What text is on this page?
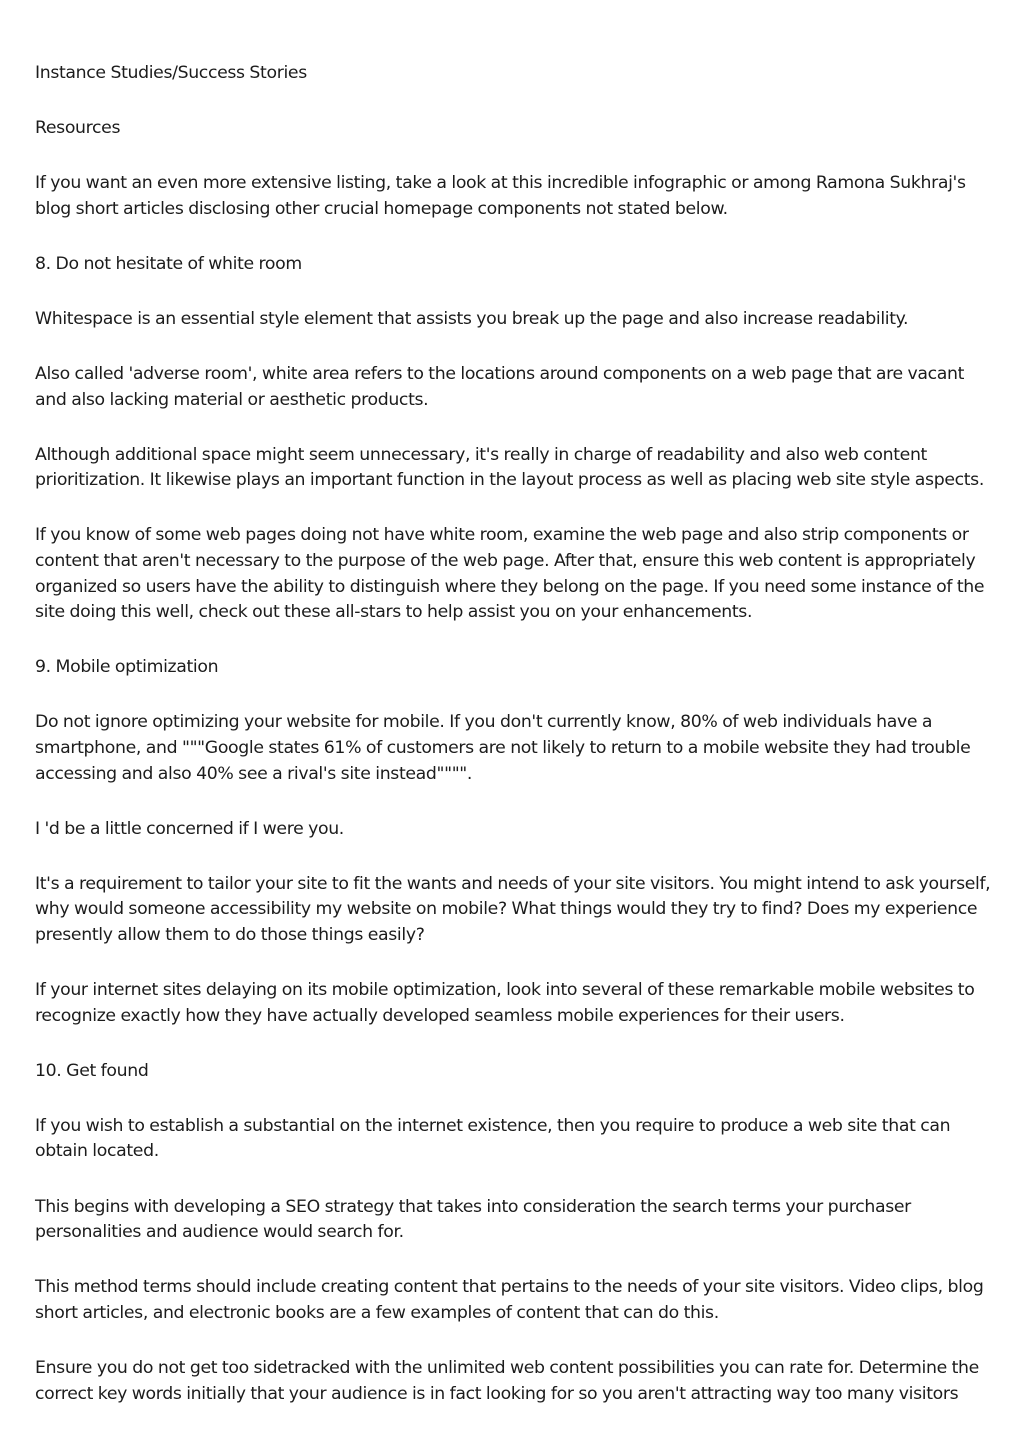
Instance Studies/Success Stories

Resources

If you want an even more extensive listing, take a look at this incredible infographic or among Ramona Sukhraj's blog short articles disclosing other crucial homepage components not stated below.

8. Do not hesitate of white room

Whitespace is an essential style element that assists you break up the page and also increase readability.

Also called 'adverse room', white area refers to the locations around components on a web page that are vacant and also lacking material or aesthetic products.

Although additional space might seem unnecessary, it's really in charge of readability and also web content prioritization. It likewise plays an important function in the layout process as well as placing web site style aspects.

If you know of some web pages doing not have white room, examine the web page and also strip components or content that aren't necessary to the purpose of the web page. After that, ensure this web content is appropriately organized so users have the ability to distinguish where they belong on the page. If you need some instance of the site doing this well, check out these all-stars to help assist you on your enhancements.

9. Mobile optimization

Do not ignore optimizing your website for mobile. If you don't currently know, 80% of web individuals have a smartphone, and """Google states 61% of customers are not likely to return to a mobile website they had trouble accessing and also 40% see a rival's site instead"""".

I 'd be a little concerned if I were you.

It's a requirement to tailor your site to fit the wants and needs of your site visitors. You might intend to ask yourself, why would someone accessibility my website on mobile? What things would they try to find? Does my experience presently allow them to do those things easily?

If your internet sites delaying on its mobile optimization, look into several of these remarkable mobile websites to recognize exactly how they have actually developed seamless mobile experiences for their users.

10. Get found

If you wish to establish a substantial on the internet existence, then you require to produce a web site that can obtain located.

This begins with developing a SEO strategy that takes into consideration the search terms your purchaser personalities and audience would search for.

This method terms should include creating content that pertains to the needs of your site visitors. Video clips, blog short articles, and electronic books are a few examples of content that can do this.

Ensure you do not get too sidetracked with the unlimited web content possibilities you can rate for. Determine the correct key words initially that your audience is in fact looking for so you aren't attracting way too many visitors
